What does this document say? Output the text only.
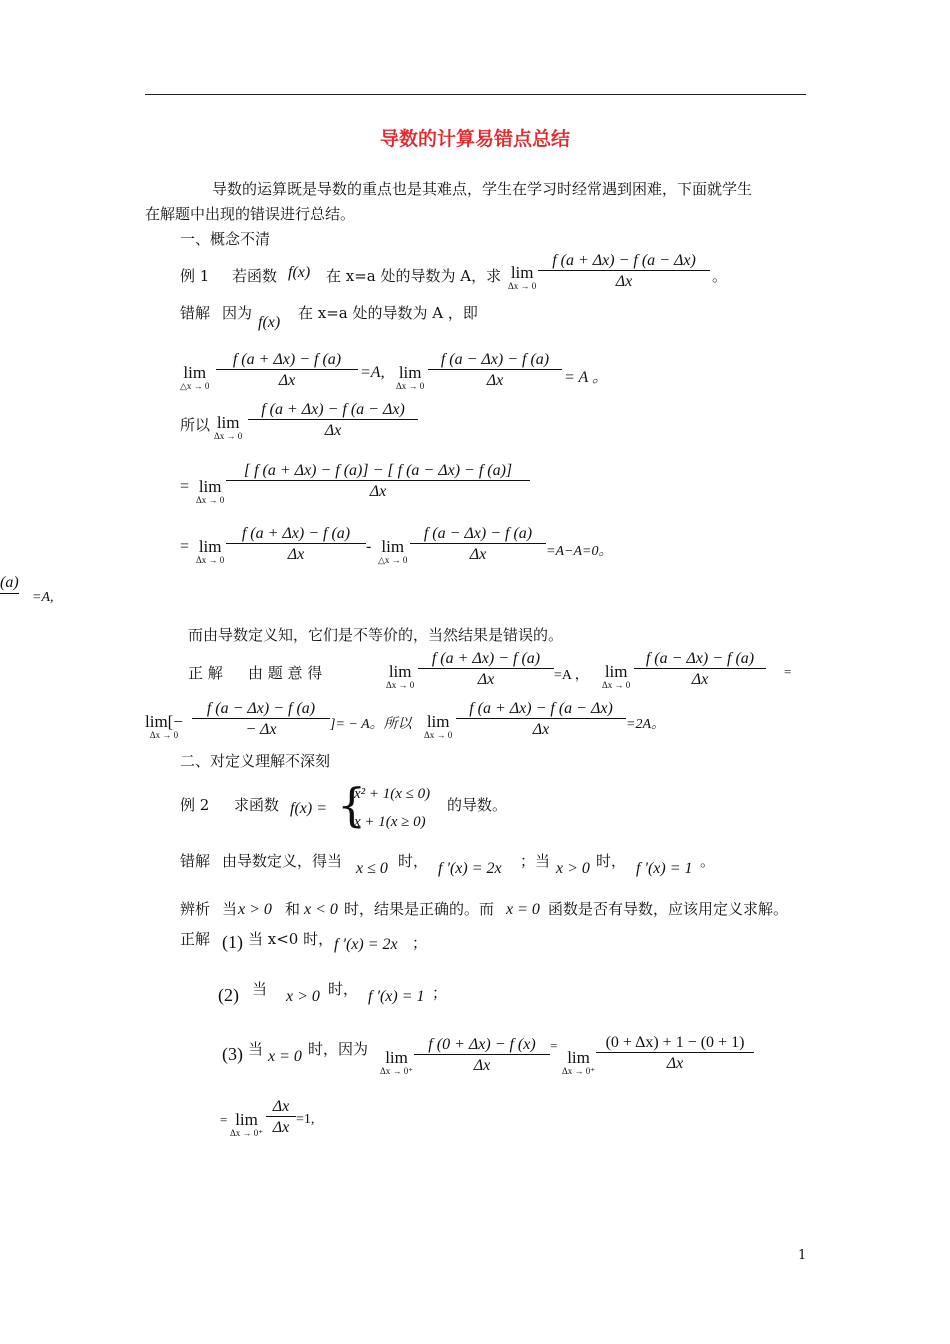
导数的计算易错点总结
导数的运算既是导数的重点也是其难点，学生在学习时经常遇到困难，下面就学生
在解题中出现的错误进行总结。
一、概念不清
例 1 若函数 f(x) 在 x=a 处的导数为 A，求 lim
Δx → 0
f (a + Δx) − f (a − Δx)
Δx	。
错解 因为
f(x)
在 x=a 处的导数为 A ，即
lim
△x → 0
f (a + Δx) − f (a)
Δx	=A, lim
Δx → 0
f (a − Δx) − f (a)
Δx	= A 。
所以 lim
Δx → 0
f (a + Δx) − f (a − Δx)
Δx
= lim
Δx → 0
[ f (a + Δx) − f (a)] − [ f (a − Δx) − f (a)]
Δx
= lim
Δx → 0
f (a + Δx) − f (a)
Δx	- lim
△x → 0
f (a − Δx) − f (a)
Δx	=A−A=0。
(a)
=A,
而由导数定义知，它们是不等价的，当然结果是错误的。
正 解 由 题 意 得	lim
Δx → 0
f (a + Δx) − f (a)
Δx	=A ， lim
Δx → 0
f (a − Δx) − f (a)
Δx	=
lim[−
Δx → 0
f (a − Δx) − f (a)
− Δx	]= − A。所以 lim
Δx → 0
f (a + Δx) − f (a − Δx)
Δx	=2A。
二、对定义理解不深刻
例 2 求函数 f(x) = {
x² + 1(x ≤ 0)
x + 1(x ≥ 0)
的导数。
错解 由导数定义，得当 x ≤ 0 时， f ′(x) = 2x ；当 x > 0 时， f ′(x) = 1 。
辨析 当 x > 0 和 x < 0 时，结果是正确的。而 x = 0 函数是否有导数，应该用定义求解。
正解 (1) 当 x<0 时， f ′(x) = 2x ；
(2) 当 x > 0 时， f ′(x) = 1 ；
(3) 当 x = 0 时，因为	lim
Δx → 0⁺
f (0 + Δx) − f (x)
Δx
=
lim
Δx → 0⁺
(0 + Δx) + 1 − (0 + 1)
Δx
= lim
Δx → 0⁺
Δx
Δx =1,
1
